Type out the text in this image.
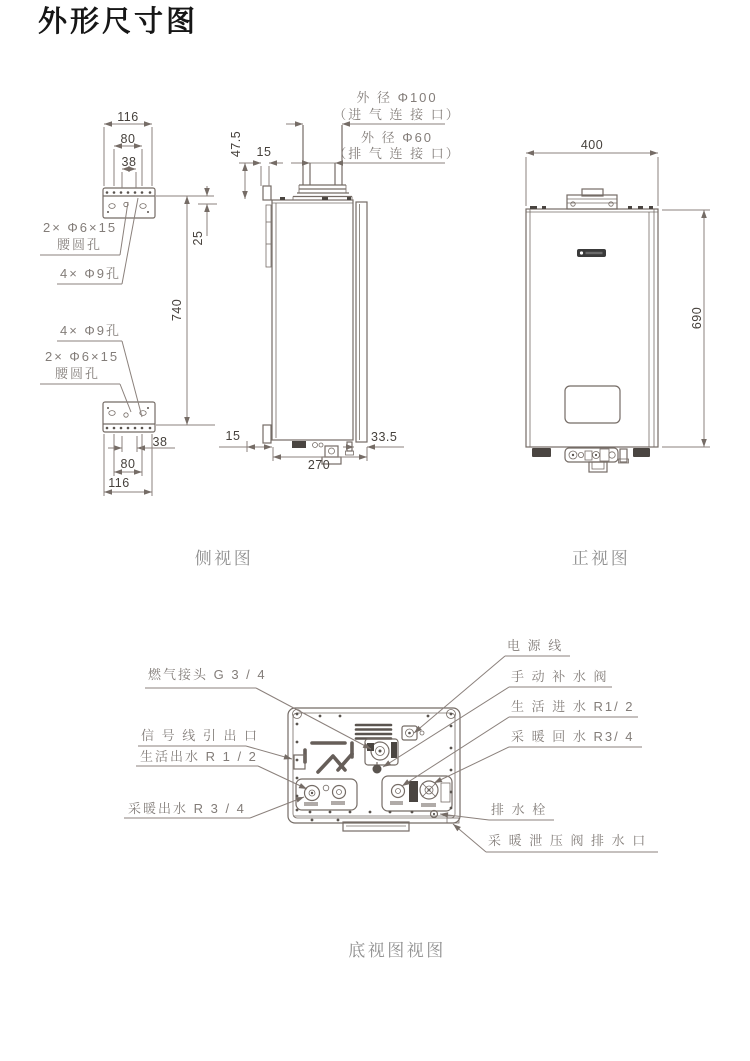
外形尺寸图
116
80
38
47.5 15
25
740
38
80
116
15
270
33.5
2× Φ6×15
腰圆孔
4× Φ9孔
4× Φ9孔
2× Φ6×15
腰圆孔
外 径 Φ100
（进 气 连 接 口）
外 径 Φ60
（排 气 连 接 口）
400
690
侧视图	正视图
底视图视图
燃气接头 G 3 / 4
信 号 线 引 出 口
生活出水 R 1 / 2
采暖出水 R 3 / 4
电 源 线
手 动 补 水 阀
生 活 进 水 R1/ 2
采 暖 回 水 R3/ 4
排 水 栓
采 暖 泄 压 阀 排 水 口
